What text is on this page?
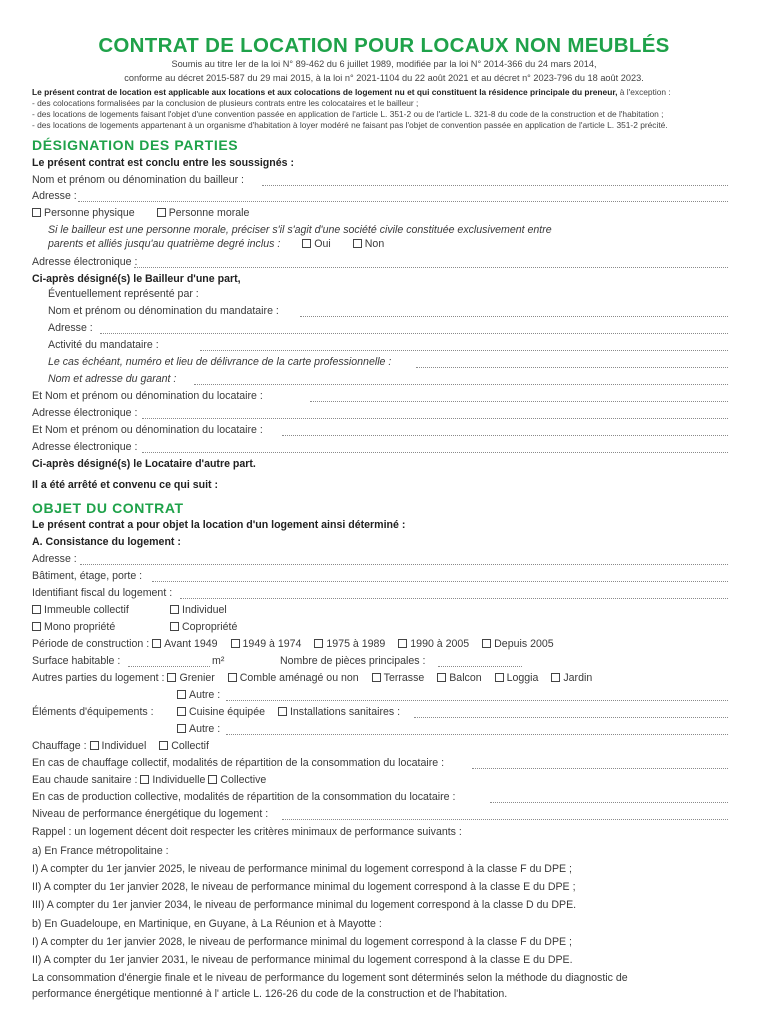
CONTRAT DE LOCATION POUR LOCAUX NON MEUBLÉS
Soumis au titre Ier de la loi N° 89-462 du 6 juillet 1989, modifiée par la loi N° 2014-366 du 24 mars 2014,
conforme au décret 2015-587 du 29 mai 2015, à la loi n° 2021-1104 du 22 août 2021 et au décret n° 2023-796 du 18 août 2023.
Le présent contrat de location est applicable aux locations et aux colocations de logement nu et qui constituent la résidence principale du preneur, à l'exception :
- des colocations formalisées par la conclusion de plusieurs contrats entre les colocataires et le bailleur ;
- des locations de logements faisant l'objet d'une convention passée en application de l'article L. 351-2 ou de l'article L. 321-8 du code de la construction et de l'habitation ;
- des locations de logements appartenant à un organisme d'habitation à loyer modéré ne faisant pas l'objet de convention passée en application de l'article L. 351-2 précité.
DÉSIGNATION DES PARTIES
Le présent contrat est conclu entre les soussignés :
Nom et prénom ou dénomination du bailleur :
Adresse :
Personne physique	Personne morale
Si le bailleur est une personne morale, préciser s'il s'agit d'une société civile constituée exclusivement entre
parents et alliés jusqu'au quatrième degré inclus :	Oui	Non
Adresse électronique :
Ci-après désigné(s) le Bailleur d'une part,
Éventuellement représenté par :
Nom et prénom ou dénomination du mandataire :
Adresse :
Activité du mandataire :
Le cas échéant, numéro et lieu de délivrance de la carte professionnelle :
Nom et adresse du garant :
Et Nom et prénom ou dénomination du locataire :
Adresse électronique :
Et Nom et prénom ou dénomination du locataire :
Adresse électronique :
Ci-après désigné(s) le Locataire d'autre part.
Il a été arrêté et convenu ce qui suit :
OBJET DU CONTRAT
Le présent contrat a pour objet la location d'un logement ainsi déterminé :
A. Consistance du logement :
Adresse :
Bâtiment, étage, porte :
Identifiant fiscal du logement :
Immeuble collectif	Individuel
Mono propriété	Copropriété
Période de construction : Avant 1949 1949 à 1974 1975 à 1989 1990 à 2005 Depuis 2005
Surface habitable :	m²	Nombre de pièces principales :
Autres parties du logement : Grenier Comble aménagé ou non Terrasse Balcon Loggia Jardin
Autre :
Éléments d'équipements :	Cuisine équipée Installations sanitaires :
Autre :
Chauffage : Individuel Collectif
En cas de chauffage collectif, modalités de répartition de la consommation du locataire :
Eau chaude sanitaire : Individuelle Collective
En cas de production collective, modalités de répartition de la consommation du locataire :
Niveau de performance énergétique du logement :
Rappel : un logement décent doit respecter les critères minimaux de performance suivants :
a) En France métropolitaine :
I) A compter du 1er janvier 2025, le niveau de performance minimal du logement correspond à la classe F du DPE ;
II) A compter du 1er janvier 2028, le niveau de performance minimal du logement correspond à la classe E du DPE ;
III) A compter du 1er janvier 2034, le niveau de performance minimal du logement correspond à la classe D du DPE.
b) En Guadeloupe, en Martinique, en Guyane, à La Réunion et à Mayotte :
I) A compter du 1er janvier 2028, le niveau de performance minimal du logement correspond à la classe F du DPE ;
II) A compter du 1er janvier 2031, le niveau de performance minimal du logement correspond à la classe E du DPE.
La consommation d'énergie finale et le niveau de performance du logement sont déterminés selon la méthode du diagnostic de
performance énergétique mentionné à l' article L. 126-26 du code de la construction et de l'habitation.
